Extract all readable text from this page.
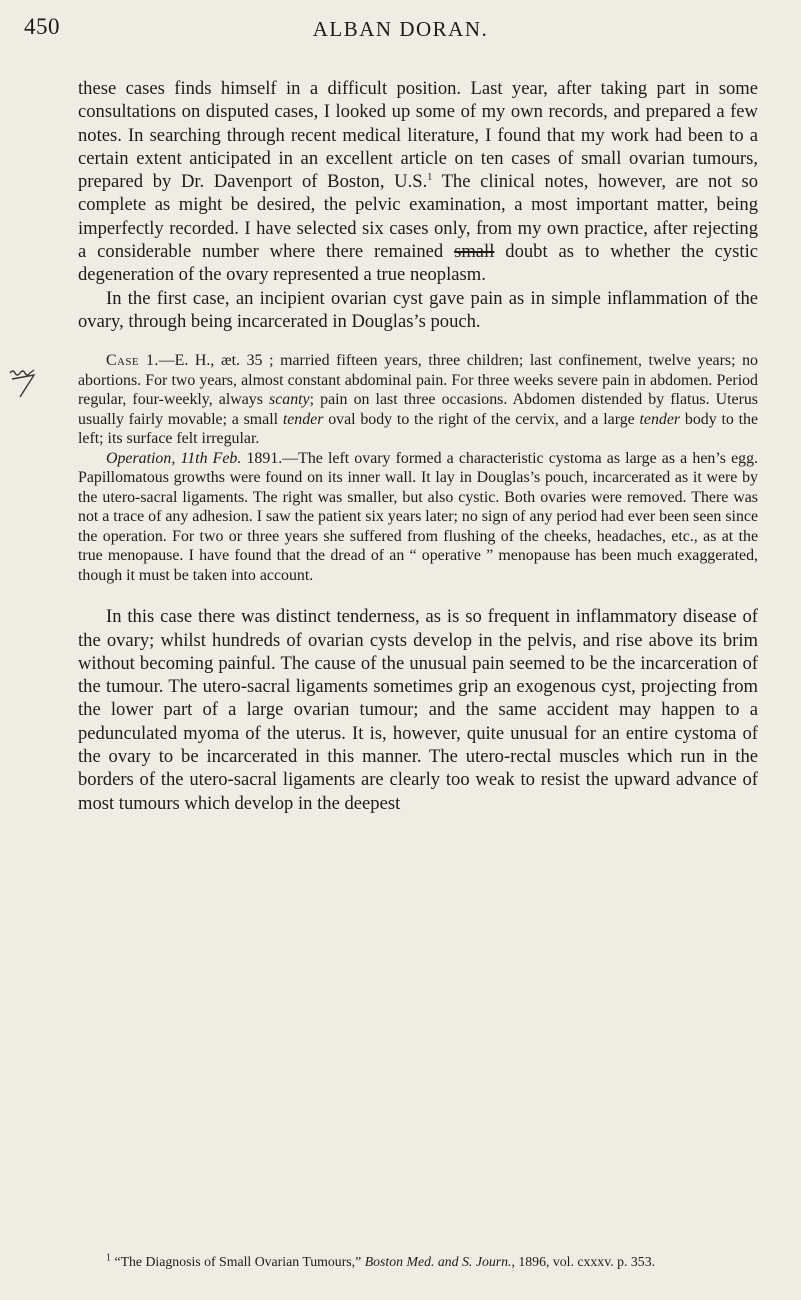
450	ALBAN DORAN.

these cases finds himself in a difficult position. Last year, after taking part in some consultations on disputed cases, I looked up some of my own records, and prepared a few notes. In searching through recent medical literature, I found that my work had been to a certain extent anticipated in an excellent article on ten cases of small ovarian tumours, prepared by Dr. Davenport of Boston, U.S.$^1$ The clinical notes, however, are not so complete as might be desired, the pelvic examination, a most important matter, being imperfectly recorded. I have selected six cases only, from my own practice, after rejecting a considerable number where there remained small doubt as to whether the cystic degeneration of the ovary represented a true neoplasm.

In the first case, an incipient ovarian cyst gave pain as in simple inflammation of the ovary, through being incarcerated in Douglas’s pouch.

Case 1.—E. H., æt. 35 ; married fifteen years, three children; last confinement, twelve years; no abortions. For two years, almost constant abdominal pain. For three weeks severe pain in abdomen. Period regular, four-weekly, always scanty; pain on last three occasions. Abdomen distended by flatus. Uterus usually fairly movable; a small tender oval body to the right of the cervix, and a large tender body to the left; its surface felt irregular.

Operation, 11th Feb. 1891.—The left ovary formed a characteristic cystoma as large as a hen’s egg. Papillomatous growths were found on its inner wall. It lay in Douglas’s pouch, incarcerated as it were by the utero-sacral ligaments. The right was smaller, but also cystic. Both ovaries were removed. There was not a trace of any adhesion. I saw the patient six years later; no sign of any period had ever been seen since the operation. For two or three years she suffered from flushing of the cheeks, headaches, etc., as at the true menopause. I have found that the dread of an “ operative ” menopause has been much exaggerated, though it must be taken into account.

In this case there was distinct tenderness, as is so frequent in inflammatory disease of the ovary; whilst hundreds of ovarian cysts develop in the pelvis, and rise above its brim without becoming painful. The cause of the unusual pain seemed to be the incarceration of the tumour. The utero-sacral ligaments sometimes grip an exogenous cyst, projecting from the lower part of a large ovarian tumour; and the same accident may happen to a pedunculated myoma of the uterus. It is, however, quite unusual for an entire cystoma of the ovary to be incarcerated in this manner. The utero-rectal muscles which run in the borders of the utero-sacral ligaments are clearly too weak to resist the upward advance of most tumours which develop in the deepest

$^1$ “The Diagnosis of Small Ovarian Tumours,” Boston Med. and S. Journ., 1896, vol. cxxxv. p. 353.
